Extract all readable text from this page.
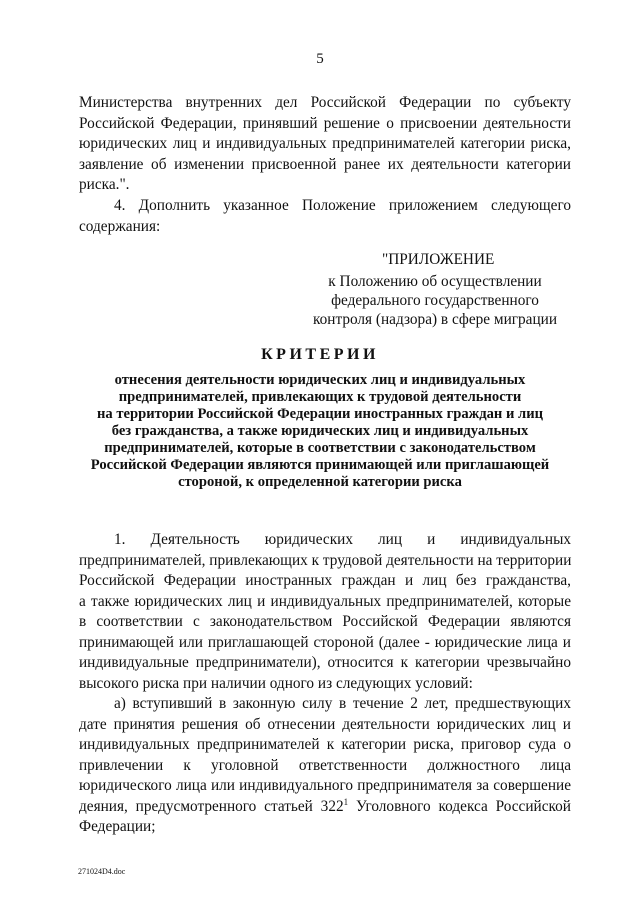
5
Министерства внутренних дел Российской Федерации по субъекту
Российской Федерации, принявший решение о присвоении деятельности
юридических лиц и индивидуальных предпринимателей категории риска,
заявление об изменении присвоенной ранее их деятельности категории
риска.".
4. Дополнить указанное Положение приложением следующего
содержания:
"ПРИЛОЖЕНИЕ
к Положению об осуществлении
федерального государственного
контроля (надзора) в сфере миграции
КРИТЕРИИ
отнесения деятельности юридических лиц и индивидуальных
предпринимателей, привлекающих к трудовой деятельности
на территории Российской Федерации иностранных граждан и лиц
без гражданства, а также юридических лиц и индивидуальных
предпринимателей, которые в соответствии с законодательством
Российской Федерации являются принимающей или приглашающей
стороной, к определенной категории риска
1. Деятельность юридических лиц и индивидуальных
предпринимателей, привлекающих к трудовой деятельности на территории
Российской Федерации иностранных граждан и лиц без гражданства,
а также юридических лиц и индивидуальных предпринимателей, которые
в соответствии с законодательством Российской Федерации являются
принимающей или приглашающей стороной (далее - юридические лица и
индивидуальные предприниматели), относится к категории чрезвычайно
высокого риска при наличии одного из следующих условий:
а) вступивший в законную силу в течение 2 лет, предшествующих
дате принятия решения об отнесении деятельности юридических лиц и
индивидуальных предпринимателей к категории риска, приговор суда о
привлечении к уголовной ответственности должностного лица
юридического лица или индивидуального предпринимателя за совершение
деяния, предусмотренного статьей $322^1$ Уголовного кодекса Российской
Федерации;
271024D4.doc
